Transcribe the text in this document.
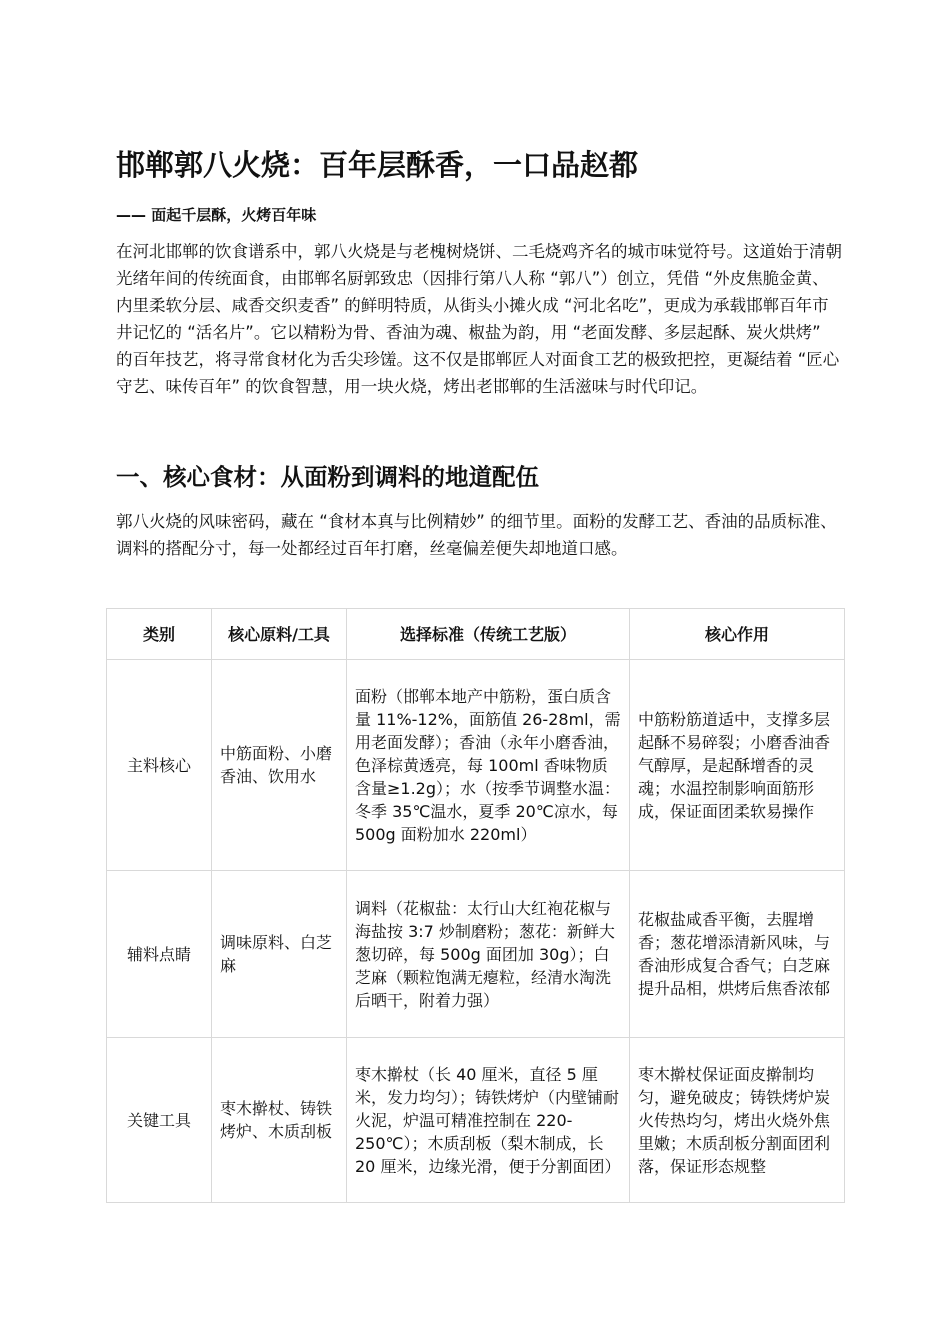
邯郸郭八火烧：百年层酥香，一口品赵都

—— 面起千层酥，火烤百年味

在河北邯郸的饮食谱系中，郭八火烧是与老槐树烧饼、二毛烧鸡齐名的城市味觉符号。这道始于清朝光绪年间的传统面食，由邯郸名厨郭致忠（因排行第八人称 “郭八”）创立，凭借 “外皮焦脆金黄、内里柔软分层、咸香交织麦香” 的鲜明特质，从街头小摊火成 “河北名吃”，更成为承载邯郸百年市井记忆的 “活名片”。它以精粉为骨、香油为魂、椒盐为韵，用 “老面发酵、多层起酥、炭火烘烤” 的百年技艺，将寻常食材化为舌尖珍馐。这不仅是邯郸匠人对面食工艺的极致把控，更凝结着 “匠心守艺、味传百年” 的饮食智慧，用一块火烧，烤出老邯郸的生活滋味与时代印记。

一、核心食材：从面粉到调料的地道配伍

郭八火烧的风味密码，藏在 “食材本真与比例精妙” 的细节里。面粉的发酵工艺、香油的品质标准、调料的搭配分寸，每一处都经过百年打磨，丝毫偏差便失却地道口感。

类别	核心原料/工具	选择标准（传统工艺版）	核心作用
主料核心	中筋面粉、小磨香油、饮用水	面粉（邯郸本地产中筋粉，蛋白质含量 11%-12%，面筋值 26-28ml，需用老面发酵）；香油（永年小磨香油，色泽棕黄透亮，每 100ml 香味物质含量≥1.2g）；水（按季节调整水温：冬季 35℃温水，夏季 20℃凉水，每 500g 面粉加水 220ml）	中筋粉筋道适中，支撑多层起酥不易碎裂；小磨香油香气醇厚，是起酥增香的灵魂；水温控制影响面筋形成，保证面团柔软易操作
辅料点睛	调味原料、白芝麻	调料（花椒盐：太行山大红袍花椒与海盐按 3:7 炒制磨粉；葱花：新鲜大葱切碎，每 500g 面团加 30g）；白芝麻（颗粒饱满无瘪粒，经清水淘洗后晒干，附着力强）	花椒盐咸香平衡，去腥增香；葱花增添清新风味，与香油形成复合香气；白芝麻提升品相，烘烤后焦香浓郁
关键工具	枣木擀杖、铸铁烤炉、木质刮板	枣木擀杖（长 40 厘米，直径 5 厘米，发力均匀）；铸铁烤炉（内壁铺耐火泥，炉温可精准控制在 220-250℃）；木质刮板（梨木制成，长 20 厘米，边缘光滑，便于分割面团）	枣木擀杖保证面皮擀制均匀，避免破皮；铸铁烤炉炭火传热均匀，烤出火烧外焦里嫩；木质刮板分割面团利落，保证形态规整
